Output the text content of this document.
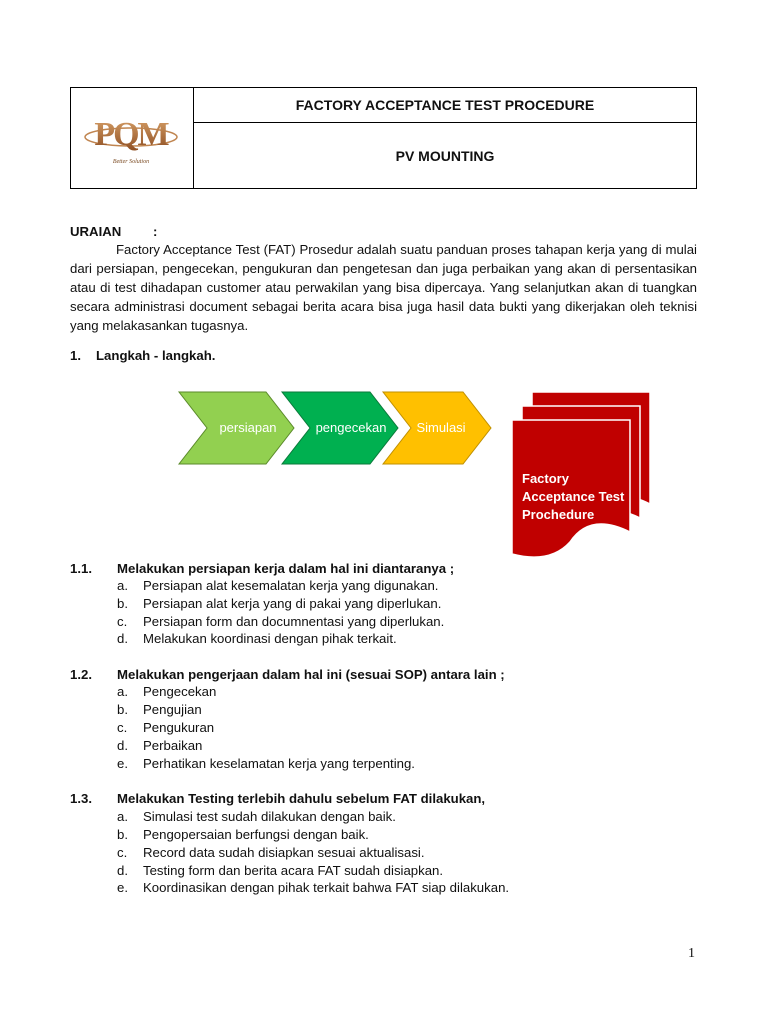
PQM
Better Solution
FACTORY ACCEPTANCE TEST PROCEDURE
PV MOUNTING
URAIAN :
Factory Acceptance Test (FAT) Prosedur adalah suatu panduan proses tahapan kerja yang di mulai dari persiapan, pengecekan, pengukuran dan pengetesan dan juga perbaikan yang akan di persentasikan atau di test dihadapan customer atau perwakilan yang bisa dipercaya. Yang selanjutkan akan di tuangkan secara administrasi document sebagai berita acara bisa juga hasil data bukti yang dikerjakan oleh teknisi yang melakasankan tugasnya.
1. Langkah - langkah.
persiapan	pengecekan Simulasi
Factory
Acceptance Test
Prochedure
1.1. Melakukan persiapan kerja dalam hal ini diantaranya ;
a. Persiapan alat kesemalatan kerja yang digunakan.
b. Persiapan alat kerja yang di pakai yang diperlukan.
c. Persiapan form dan documnentasi yang diperlukan.
d. Melakukan koordinasi dengan pihak terkait.
1.2. Melakukan pengerjaan dalam hal ini (sesuai SOP) antara lain ;
a. Pengecekan
b. Pengujian
c. Pengukuran
d. Perbaikan
e. Perhatikan keselamatan kerja yang terpenting.
1.3. Melakukan Testing terlebih dahulu sebelum FAT dilakukan,
a. Simulasi test sudah dilakukan dengan baik.
b. Pengopersaian berfungsi dengan baik.
c. Record data sudah disiapkan sesuai aktualisasi.
d. Testing form dan berita acara FAT sudah disiapkan.
e. Koordinasikan dengan pihak terkait bahwa FAT siap dilakukan.
1
